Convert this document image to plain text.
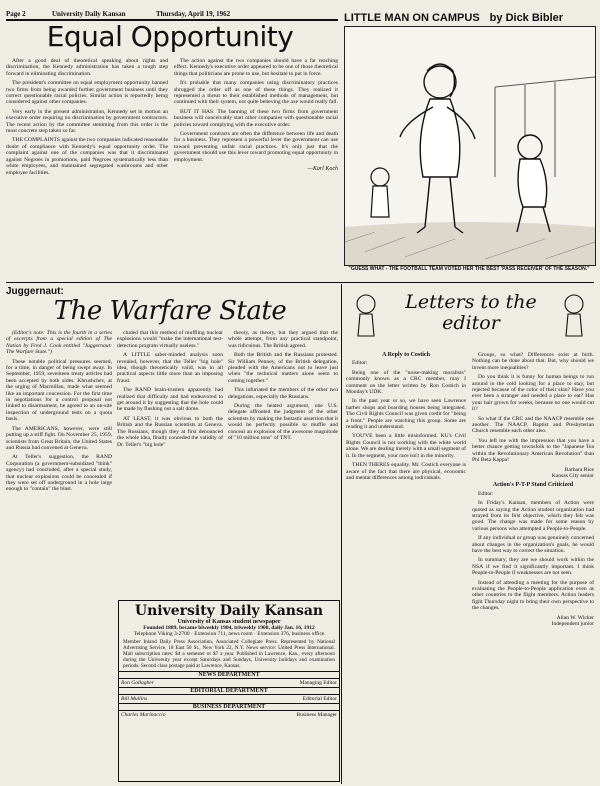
Page 2	University Daily Kansan	Thursday, April 19, 1962
Equal Opportunity

After a good deal of theoretical speaking about rights and discrimination, the Kennedy administration has taken a tough step forward in eliminating discrimination.

The president's committee on equal employment opportunity banned two firms from being awarded further government business until they correct questionable racial policies. Similar action is reportedly being considered against other companies.

Very early in the present administration, Kennedy set in motion an executive order requiring no discrimination by government contractors. The recent action by the committee stemming from this order is the most concrete step taken so far.

THE COMPLAINTS against the two companies indicated reasonable doubt of compliance with Kennedy's equal opportunity order. The complaint against one of the companies was that it discriminated against Negroes in promotions, paid Negroes systematically less than white employees, and maintained segregated washrooms and other employee facilities.

The action against the two companies should have a far reaching effect. Kennedy's executive order appeared to be one of those theoretical things that politicians are prone to use, but hesitate to put in force.

It's probable that many companies using discriminatory practices shrugged the order off as one of these things. They realized it represented a threat to their established methods of management, but continued with their system, not quite believing the axe would really fall.

BUT IT HAS. The banning of these two firms from government business will conceivably start other companies with questionable racial policies toward complying with the executive order.

Government contracts are often the difference between life and death for a business. They represent a powerful lever the government can use toward preventing unfair racial practices. It's only just that the government should use this lever toward promoting equal opportunity in employment.

—Karl Koch
LITTLE MAN ON CAMPUS by Dick Bibler
"GUESS WHAT - THE FOOTBALL TEAM VOTED HER THE BEST 'PASS RECEIVER' OF THE SEASON."
Juggernaut:
The Warfare State

(Editor's note: This is the fourth in a series of excerpts from a special edition of The Nation by Fred J. Cook entitled "Juggernaut: The Warfare State.")

These notable political pressures seemed, for a time, in danger of being swept away. In September, 1959, seventeen treaty articles had been accepted by both sides. Khrushchev, at the urging of Macmillan, made what seemed like an important concession. For the first time in negotiations for a control proposal not linked to disarmament, he agreed to an on-site inspection of underground tests on a quota basis.

The AMERICANS, however, were still putting up a stiff fight. On November 25, 1959, scientists from Great Britain, the United States and Russia had convened at Geneva.

At Teller's suggestion, the RAND Corporation (a government-subsidized "think" agency) had concluded, after a special study, that nuclear explosions could be concealed if they were set off underground in a hole large enough to "contain" the blast.

cluded that this method of muffling nuclear explosions would "make the international test-detection program virtually useless."

A LITTLE saber-minded analysis soon revealed, however, that the Teller "big hole" idea, though theoretically valid, was in all practical aspects little more than an imposing fraud.

The RAND brain-trusters apparently had realized that difficulty and had endeavored to get around it by suggesting that the hole could be made by flushing out a salt dome.

AT LEAST, it was obvious to both the British and the Russian scientists at Geneva. The Russians, though they at first denounced the whole idea, finally conceded the validity of Dr. Teller's "big hole"

theory, as theory, but they argued that the whole attempt, from any practical standpoint, was ridiculous. The British agreed.

Both the British and the Russians protested. Sir William Penney, of the British delegation, pleaded with the Americans not to leave just when "the technical matters alone seem to coming together."

This infuriated the members of the other two delegations, especially the Russians.

During the heated argument, one U.S. delegate affronted the judgment of the other scientists by making the fantastic assertion that it would be perfectly possible to muffle and conceal an explosion of the awesome magnitude of "10 million tons" of TNT.

University Daily Kansan
University of Kansas student newspaper
Founded 1889, became biweekly 1904, triweekly 1908, daily Jan. 16, 1912
Telephone Viking 3-2700 · Extension 711, news room · Extension 376, business office
Member Inland Daily Press Association, Associated Collegiate Press. Represented by National Advertising Service, 18 East 50 St., New York 22, N.Y. News service: United Press International. Mail subscription rates: $4 a semester or $7 a year. Published in Lawrence, Kan., every afternoon during the University year except Saturdays and Sundays, University holidays and examination periods. Second class postage paid at Lawrence, Kansas.
NEWS DEPARTMENT
Ron Gallagher	Managing Editor
EDITORIAL DEPARTMENT
Bill Mullins	Editorial Editor
BUSINESS DEPARTMENT
Charles Marinaccio	Business Manager
Letters to the editor
A Reply to Costich

Editor:

Being one of the "noise-making moralists" commonly known as a CRC member, may I comment on the letter written by Ron Costich in Monday's UDK.

In the past year or so, we have seen Lawrence barber shops and boarding houses being integrated. The Civil Rights Council was given credit for "being a front." People are watching this group. Some are reading it and understand.

YOU'VE been a little misinformed. KU's Civil Rights Council is not working with the white world alone. We are dealing merely with a small segment of it. In the segment, your race isn't in the minority.

THEN THERES equality. Mr. Costich everyone is aware of the fact that there are physical, economic and mental differences among individuals.

Groups, so what? Differences exist at birth. Nothing can be done about that. But, why should we invent more inequalities?

Do you think it is funny for human beings to run around in the cold looking for a place to stay, but rejected because of the color of their skin? Have you ever been a stranger and needed a place to eat? Has your hair grown for weeks, because no one would cut it?

So what if the CRC and the NAACP resemble one another. The NAACP, Baptist and Presbyterian Church resemble each other also.

You left me with the impression that you have a better chance getting townsfolk to the "Japanese Tea within the Revolutionary American Revolution" than Phi Beta Kappa!

Barbara Rice
Kansas City senior
Action's P-T-P Stand Criticized

Editor:

In Friday's Kansan, members of Action were quoted as saying the Action student organization had strayed from its first objective, which they felt was good. The change was made for some reason by various persons who attempted a People-to-People.

If any individual or group was genuinely concerned about changes in the organization's goals, he would have the best way to correct the situation.

In summary, they are we should work within the NSA if we find it significantly important. I think People-to-People if weaknesses are not seen.

Instead of attending a meeting for the purpose of evaluating the People-to-People application even as other countries to the flight members. Action leaders fight Thursday night to bring their own perspective to the changes.

Allan W. Wicker
Independent junior
